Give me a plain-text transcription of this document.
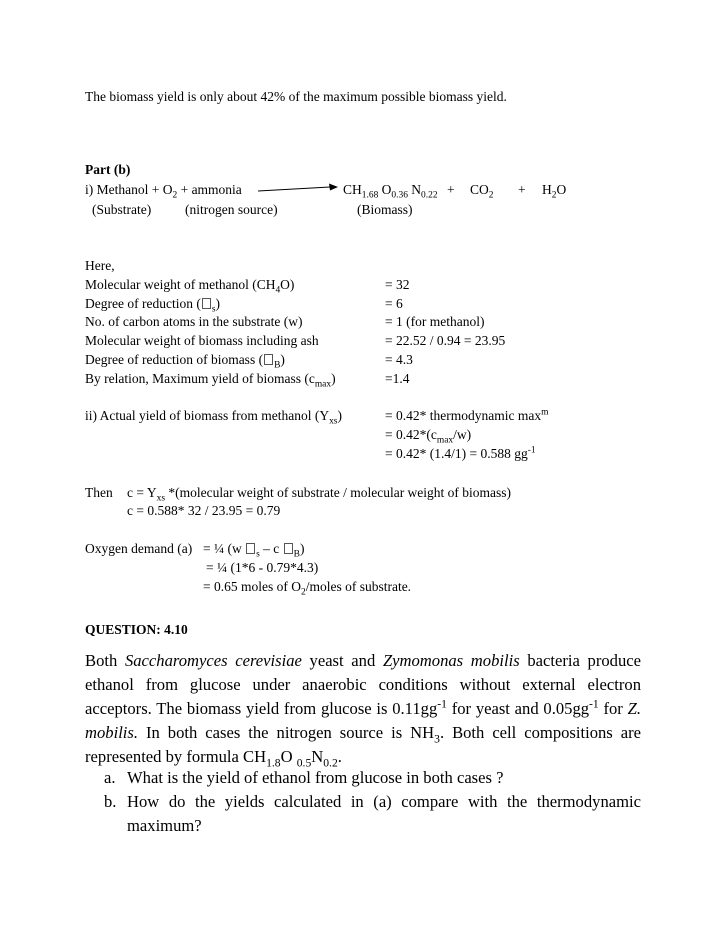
The biomass yield is only about 42% of the maximum possible biomass yield.
Part (b)
i) Methanol + $O_2$ + ammonia	$CH_{1.68}$ $O_{0.36}$ $N_{0.22} + CO_2 + H_2O$
(Substrate)	(nitrogen source)	(Biomass)
Here,
Molecular weight of methanol $(CH_4O)$	= 32
Degree of reduction ( $_s$)	= 6
No. of carbon atoms in the substrate (w)	= 1 (for methanol)
Molecular weight of biomass including ash	= 22.52 / 0.94 = 23.95
Degree of reduction of biomass ( $_B$)	= 4.3
By relation, Maximum yield of biomass $(c_{max})$	=1.4
ii) Actual yield of biomass from methanol $(Y_{xs})$	= 0.42* thermodynamic $\max^m$
= $0.42*(c_{max}/w)$
= 0.42* (1.4/1) = 0.588 $gg^{-1}$
Then $c = Y_{xs}$ *(molecular weight of substrate / molecular weight of biomass)
c = 0.588* 32 / 23.95 = 0.79
Oxygen demand (a) = ¼ (w $_s$ – c $_B$)
= ¼ (1*6 - 0.79*4.3)
= 0.65 moles of $O_2$/moles of substrate.
QUESTION: 4.10
Both Saccharomyces cerevisiae yeast and Zymomonas mobilis bacteria produce
ethanol from glucose under anaerobic conditions without external electron
acceptors. The biomass yield from glucose is $0.11gg^{-1}$ for yeast and $0.05gg^{-1}$ for Z.
mobilis. In both cases the nitrogen source is $NH_3$. Both cell compositions are
represented by formula $CH_{1.8}O$ $_{0.5}N_{0.2}$.
a. What is the yield of ethanol from glucose in both cases ?
b. How do the yields calculated in (a) compare with the thermodynamic
maximum?
